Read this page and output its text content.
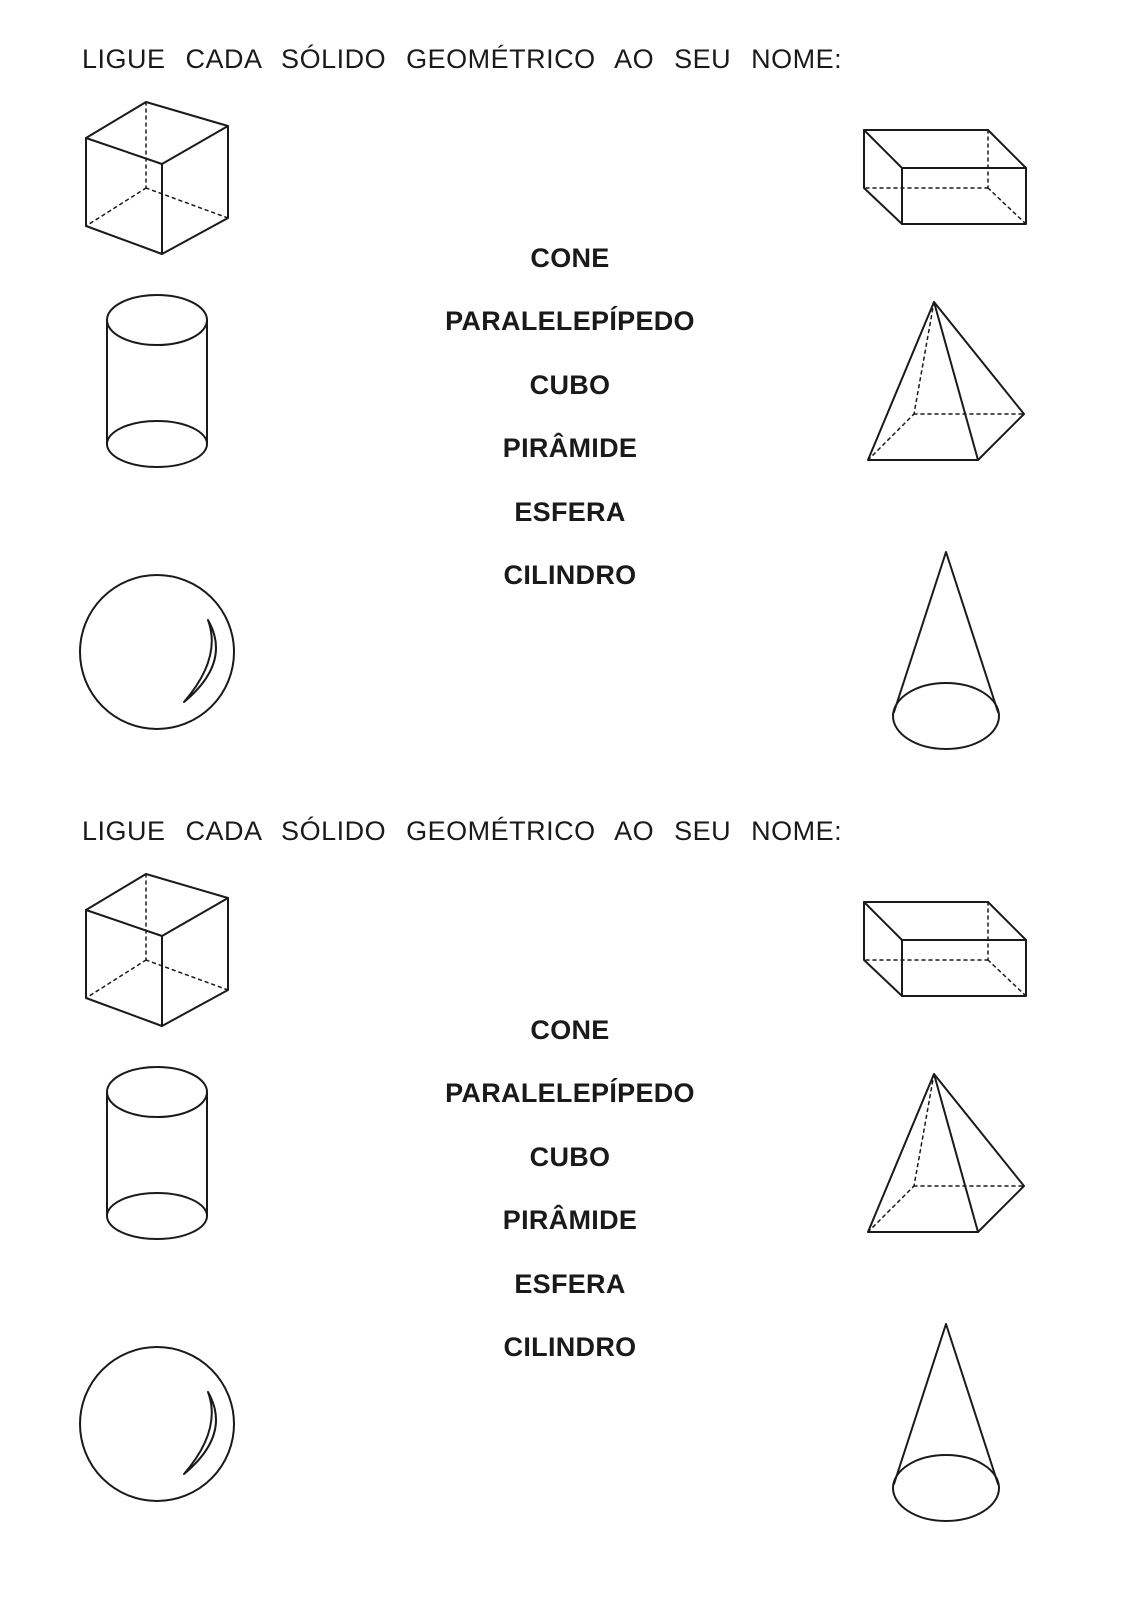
LIGUE CADA SÓLIDO GEOMÉTRICO AO SEU NOME:
CONE
PARALELEPÍPEDO
CUBO
PIRÂMIDE
ESFERA
CILINDRO
LIGUE CADA SÓLIDO GEOMÉTRICO AO SEU NOME:
CONE
PARALELEPÍPEDO
CUBO
PIRÂMIDE
ESFERA
CILINDRO
